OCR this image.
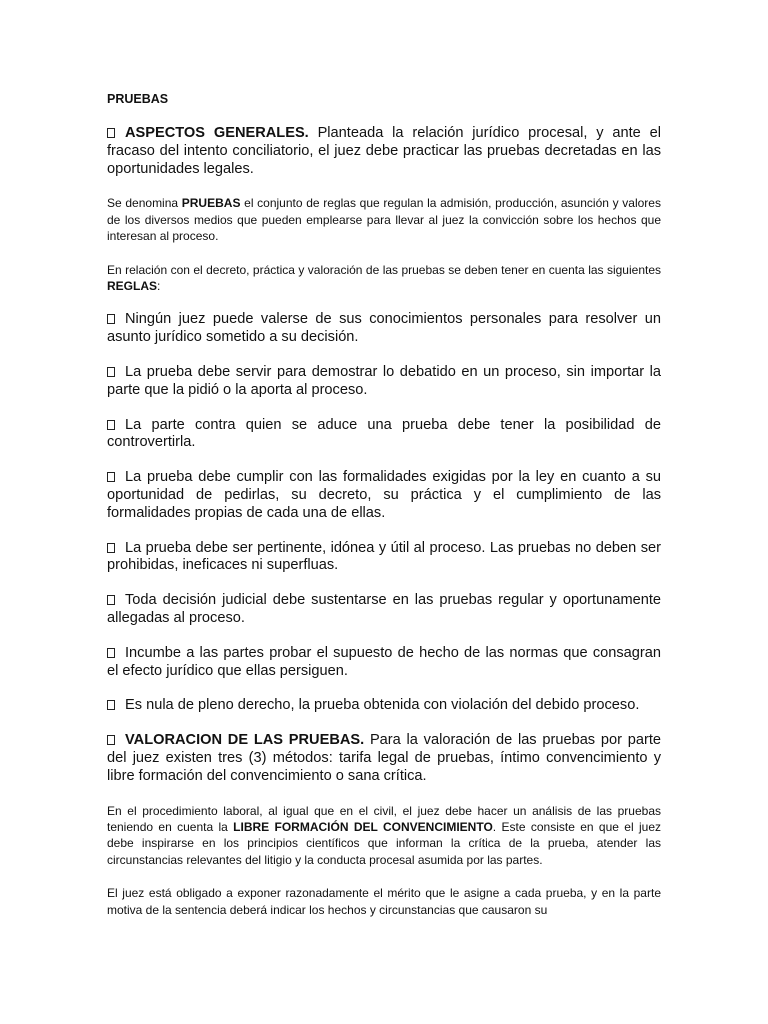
PRUEBAS

ASPECTOS GENERALES. Planteada la relación jurídico procesal, y ante el fracaso del intento conciliatorio, el juez debe practicar las pruebas decretadas en las oportunidades legales.

Se denomina PRUEBAS el conjunto de reglas que regulan la admisión, producción, asunción y valores de los diversos medios que pueden emplearse para llevar al juez la convicción sobre los hechos que interesan al proceso.

En relación con el decreto, práctica y valoración de las pruebas se deben tener en cuenta las siguientes REGLAS:

Ningún juez puede valerse de sus conocimientos personales para resolver un asunto jurídico sometido a su decisión.

La prueba debe servir para demostrar lo debatido en un proceso, sin importar la parte que la pidió o la aporta al proceso.

La parte contra quien se aduce una prueba debe tener la posibilidad de controvertirla.

La prueba debe cumplir con las formalidades exigidas por la ley en cuanto a su oportunidad de pedirlas, su decreto, su práctica y el cumplimiento de las formalidades propias de cada una de ellas.

La prueba debe ser pertinente, idónea y útil al proceso. Las pruebas no deben ser prohibidas, ineficaces ni superfluas.

Toda decisión judicial debe sustentarse en las pruebas regular y oportunamente allegadas al proceso.

Incumbe a las partes probar el supuesto de hecho de las normas que consagran el efecto jurídico que ellas persiguen.

Es nula de pleno derecho, la prueba obtenida con violación del debido proceso.

VALORACION DE LAS PRUEBAS. Para la valoración de las pruebas por parte del juez existen tres (3) métodos: tarifa legal de pruebas, íntimo convencimiento y libre formación del convencimiento o sana crítica.

En el procedimiento laboral, al igual que en el civil, el juez debe hacer un análisis de las pruebas teniendo en cuenta la LIBRE FORMACIÓN DEL CONVENCIMIENTO. Este consiste en que el juez debe inspirarse en los principios científicos que informan la crítica de la prueba, atender las circunstancias relevantes del litigio y la conducta procesal asumida por las partes.

El juez está obligado a exponer razonadamente el mérito que le asigne a cada prueba, y en la parte motiva de la sentencia deberá indicar los hechos y circunstancias que causaron su
